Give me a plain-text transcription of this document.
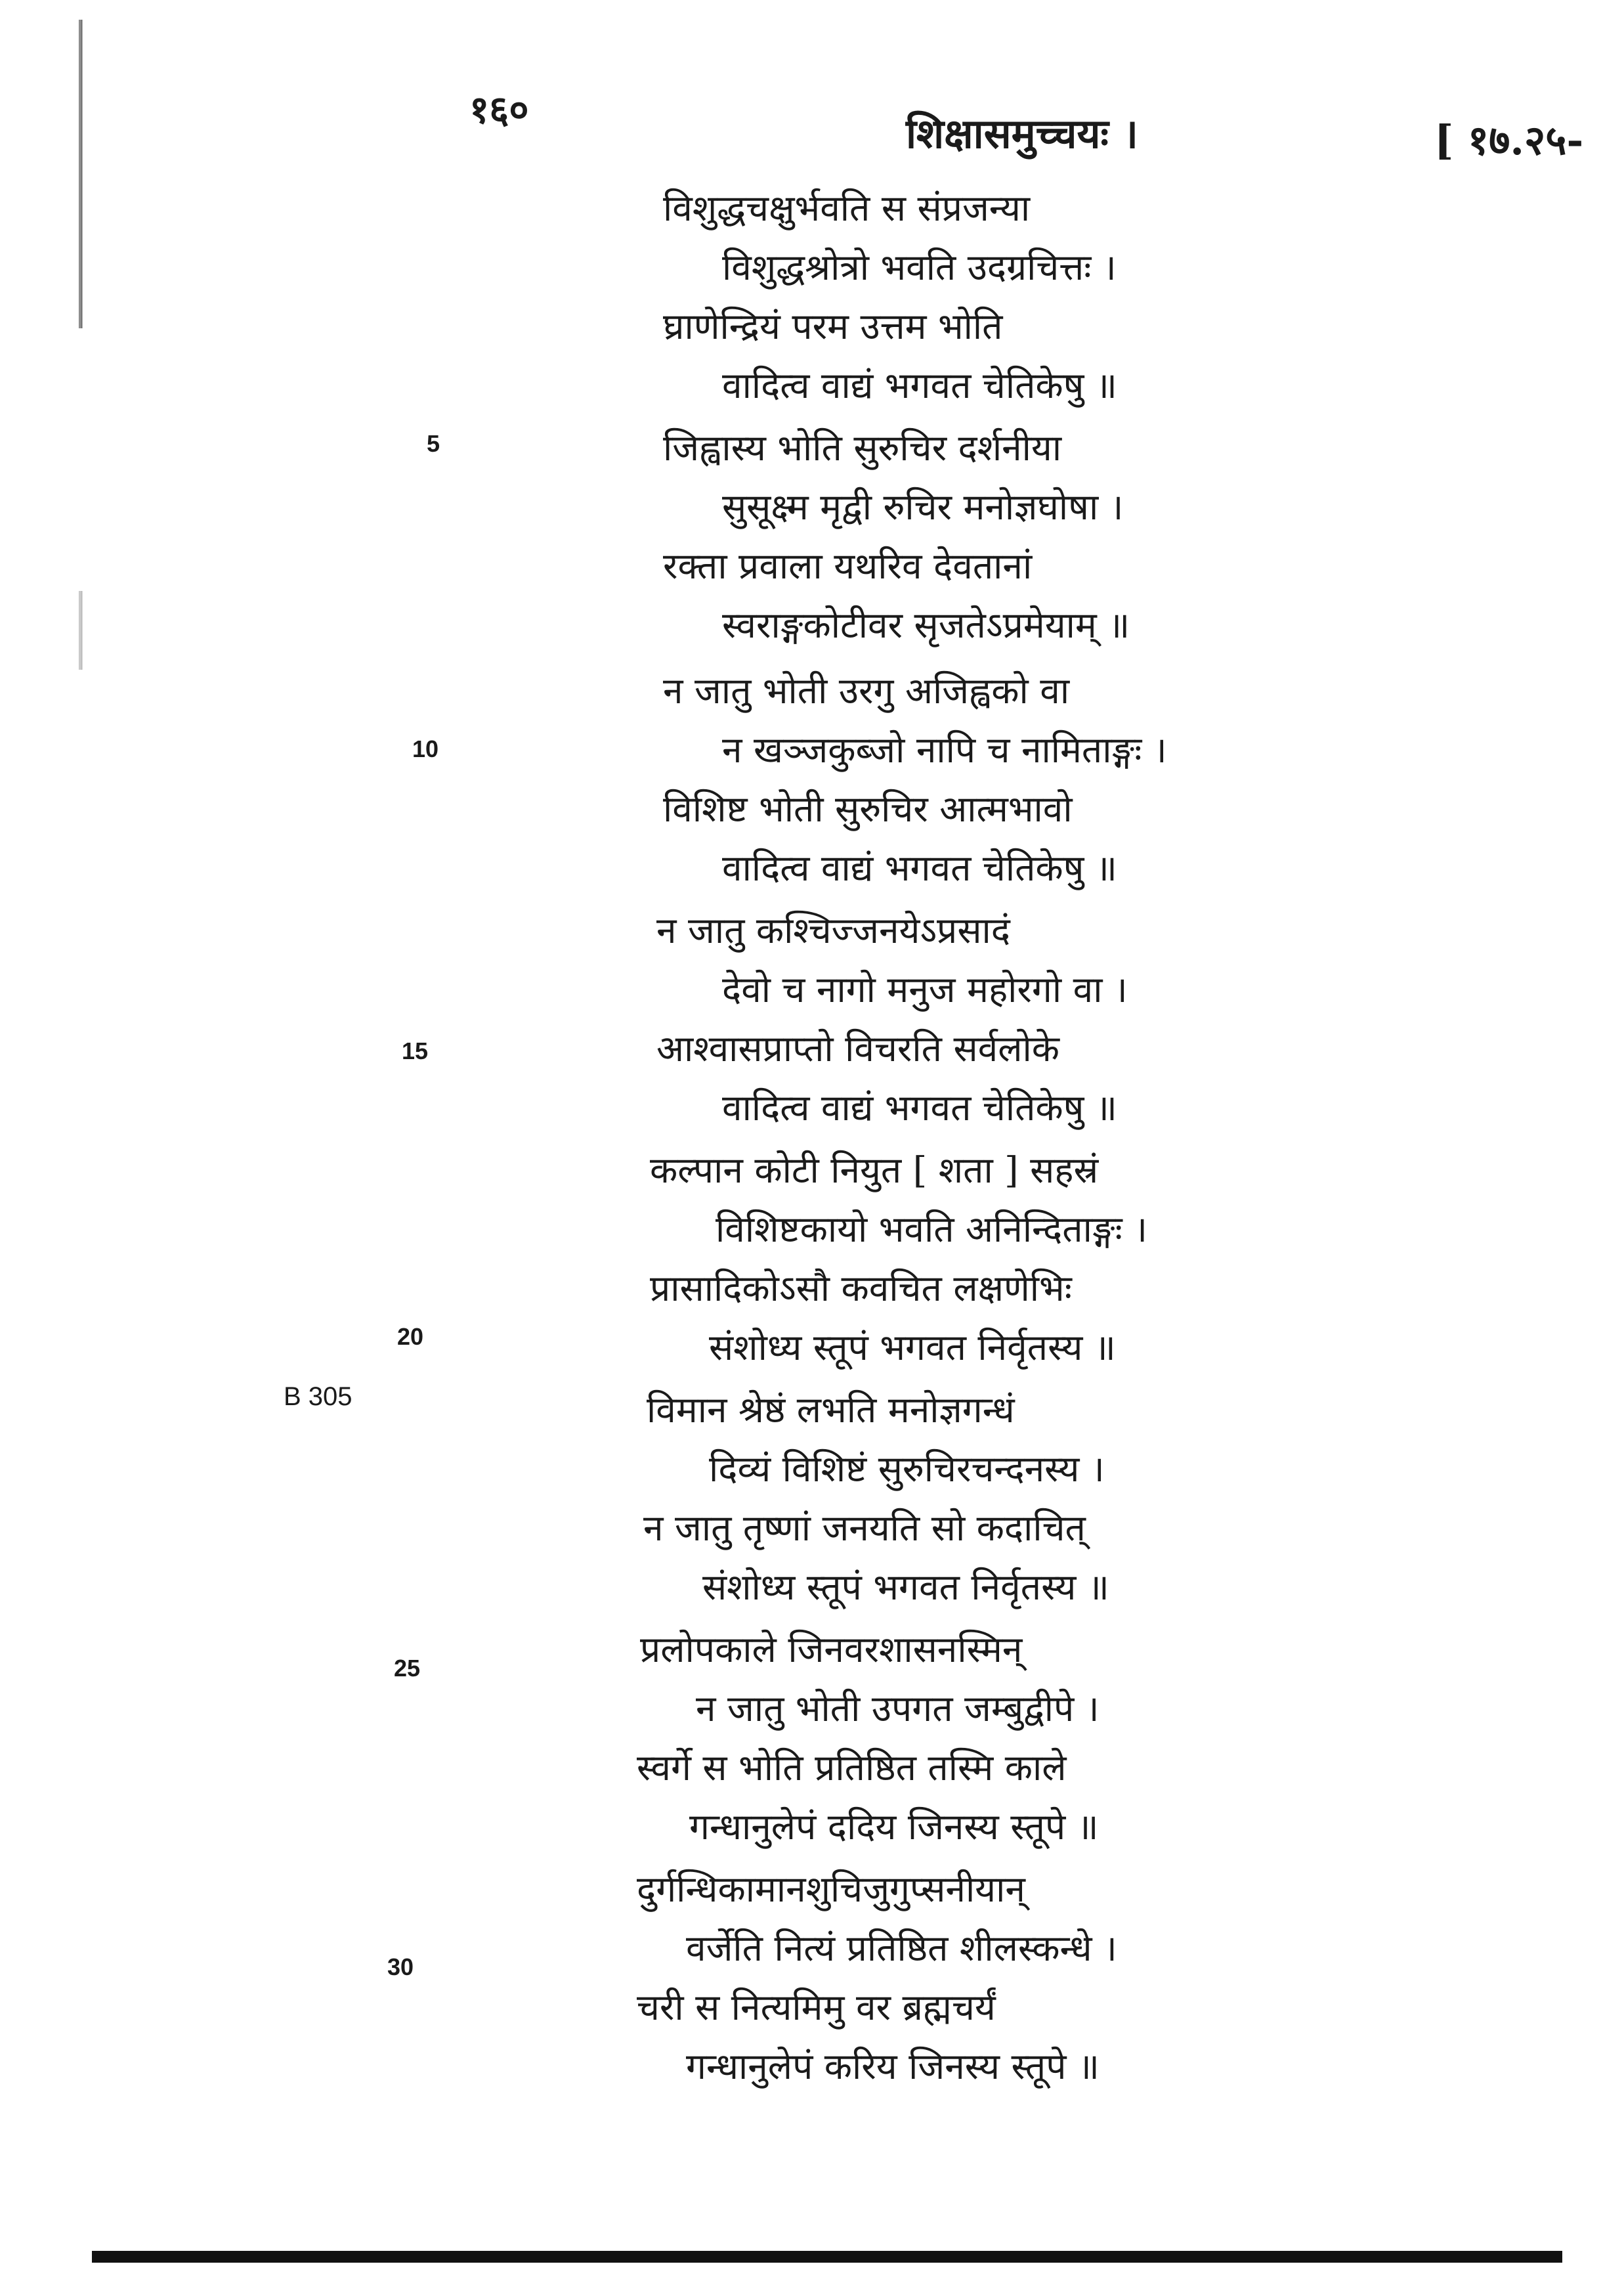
१६०	शिक्षासमुच्चयः ।	[ १७.२५-
विशुद्धचक्षुर्भवति स संप्रजन्या
विशुद्धश्रोत्रो भवति उदग्रचित्तः ।
घ्राणेन्द्रियं परम उत्तम भोति
वादित्व वाद्यं भगवत चेतिकेषु ॥
जिह्वास्य भोति सुरुचिर दर्शनीया
सुसूक्ष्म मृद्वी रुचिर मनोज्ञघोषा ।
रक्ता प्रवाला यथरिव देवतानां
स्वराङ्गकोटीवर सृजतेऽप्रमेयाम् ॥
न जातु भोती उरगु अजिह्वको वा
न खञ्जकुब्जो नापि च नामिताङ्गः ।
विशिष्ट भोती सुरुचिर आत्मभावो
वादित्व वाद्यं भगवत चेतिकेषु ॥
न जातु कश्चिज्जनयेऽप्रसादं
देवो च नागो मनुज महोरगो वा ।
आश्वासप्राप्तो विचरति सर्वलोके
वादित्व वाद्यं भगवत चेतिकेषु ॥
कल्पान कोटी नियुत [ शता ] सहस्रं
विशिष्टकायो भवति अनिन्दिताङ्गः ।
प्रासादिकोऽसौ कवचित लक्षणेभिः
संशोध्य स्तूपं भगवत निर्वृतस्य ॥
विमान श्रेष्ठं लभति मनोज्ञगन्धं
दिव्यं विशिष्टं सुरुचिरचन्दनस्य ।
न जातु तृष्णां जनयति सो कदाचित्
संशोध्य स्तूपं भगवत निर्वृतस्य ॥
प्रलोपकाले जिनवरशासनस्मिन्
न जातु भोती उपगत जम्बुद्वीपे ।
स्वर्गे स भोति प्रतिष्ठित तस्मि काले
गन्धानुलेपं ददिय जिनस्य स्तूपे ॥
दुर्गन्धिकामानशुचिजुगुप्सनीयान्
वर्जेति नित्यं प्रतिष्ठित शीलस्कन्धे ।
चरी स नित्यमिमु वर ब्रह्मचर्यं
गन्धानुलेपं करिय जिनस्य स्तूपे ॥
5
10
15
20
25
30
B 305
